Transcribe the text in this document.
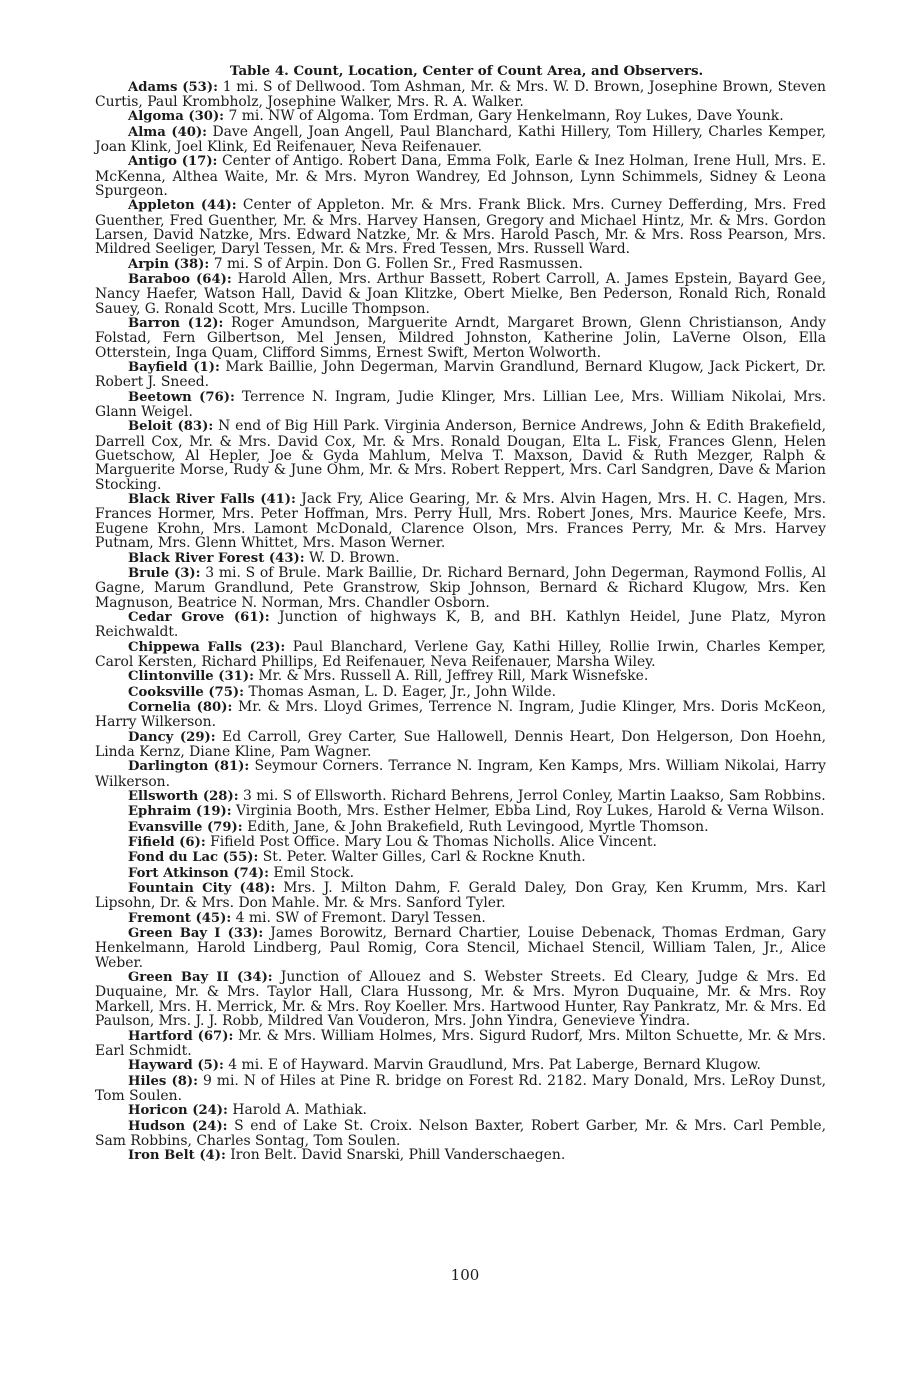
Table 4. Count, Location, Center of Count Area, and Observers.

Adams (53): 1 mi. S of Dellwood. Tom Ashman, Mr. & Mrs. W. D. Brown, Josephine Brown, Steven Curtis, Paul Krombholz, Josephine Walker, Mrs. R. A. Walker.

Algoma (30): 7 mi. NW of Algoma. Tom Erdman, Gary Henkelmann, Roy Lukes, Dave Younk.

Alma (40): Dave Angell, Joan Angell, Paul Blanchard, Kathi Hillery, Tom Hillery, Charles Kemper, Joan Klink, Joel Klink, Ed Reifenauer, Neva Reifenauer.

Antigo (17): Center of Antigo. Robert Dana, Emma Folk, Earle & Inez Holman, Irene Hull, Mrs. E. McKenna, Althea Waite, Mr. & Mrs. Myron Wandrey, Ed Johnson, Lynn Schimmels, Sidney & Leona Spurgeon.

Appleton (44): Center of Appleton. Mr. & Mrs. Frank Blick. Mrs. Curney Defferding, Mrs. Fred Guenther, Fred Guenther, Mr. & Mrs. Harvey Hansen, Gregory and Michael Hintz, Mr. & Mrs. Gordon Larsen, David Natzke, Mrs. Edward Natzke, Mr. & Mrs. Harold Pasch, Mr. & Mrs. Ross Pearson, Mrs. Mildred Seeliger, Daryl Tessen, Mr. & Mrs. Fred Tessen, Mrs. Russell Ward.

Arpin (38): 7 mi. S of Arpin. Don G. Follen Sr., Fred Rasmussen.

Baraboo (64): Harold Allen, Mrs. Arthur Bassett, Robert Carroll, A. James Epstein, Bayard Gee, Nancy Haefer, Watson Hall, David & Joan Klitzke, Obert Mielke, Ben Pederson, Ronald Rich, Ronald Sauey, G. Ronald Scott, Mrs. Lucille Thompson.

Barron (12): Roger Amundson, Marguerite Arndt, Margaret Brown, Glenn Christianson, Andy Folstad, Fern Gilbertson, Mel Jensen, Mildred Johnston, Katherine Jolin, LaVerne Olson, Ella Otterstein, Inga Quam, Clifford Simms, Ernest Swift, Merton Wolworth.

Bayfield (1): Mark Baillie, John Degerman, Marvin Grandlund, Bernard Klugow, Jack Pickert, Dr. Robert J. Sneed.

Beetown (76): Terrence N. Ingram, Judie Klinger, Mrs. Lillian Lee, Mrs. William Nikolai, Mrs. Glann Weigel.

Beloit (83): N end of Big Hill Park. Virginia Anderson, Bernice Andrews, John & Edith Brakefield, Darrell Cox, Mr. & Mrs. David Cox, Mr. & Mrs. Ronald Dougan, Elta L. Fisk, Frances Glenn, Helen Guetschow, Al Hepler, Joe & Gyda Mahlum, Melva T. Maxson, David & Ruth Mezger, Ralph & Marguerite Morse, Rudy & June Ohm, Mr. & Mrs. Robert Reppert, Mrs. Carl Sandgren, Dave & Marion Stocking.

Black River Falls (41): Jack Fry, Alice Gearing, Mr. & Mrs. Alvin Hagen, Mrs. H. C. Hagen, Mrs. Frances Hormer, Mrs. Peter Hoffman, Mrs. Perry Hull, Mrs. Robert Jones, Mrs. Maurice Keefe, Mrs. Eugene Krohn, Mrs. Lamont McDonald, Clarence Olson, Mrs. Frances Perry, Mr. & Mrs. Harvey Putnam, Mrs. Glenn Whittet, Mrs. Mason Werner.

Black River Forest (43): W. D. Brown.

Brule (3): 3 mi. S of Brule. Mark Baillie, Dr. Richard Bernard, John Degerman, Raymond Follis, Al Gagne, Marum Grandlund, Pete Granstrow, Skip Johnson, Bernard & Richard Klugow, Mrs. Ken Magnuson, Beatrice N. Norman, Mrs. Chandler Osborn.

Cedar Grove (61): Junction of highways K, B, and BH. Kathlyn Heidel, June Platz, Myron Reichwaldt.

Chippewa Falls (23): Paul Blanchard, Verlene Gay, Kathi Hilley, Rollie Irwin, Charles Kemper, Carol Kersten, Richard Phillips, Ed Reifenauer, Neva Reifenauer, Marsha Wiley.

Clintonville (31): Mr. & Mrs. Russell A. Rill, Jeffrey Rill, Mark Wisnefske.

Cooksville (75): Thomas Asman, L. D. Eager, Jr., John Wilde.

Cornelia (80): Mr. & Mrs. Lloyd Grimes, Terrence N. Ingram, Judie Klinger, Mrs. Doris McKeon, Harry Wilkerson.

Dancy (29): Ed Carroll, Grey Carter, Sue Hallowell, Dennis Heart, Don Helgerson, Don Hoehn, Linda Kernz, Diane Kline, Pam Wagner.

Darlington (81): Seymour Corners. Terrance N. Ingram, Ken Kamps, Mrs. William Nikolai, Harry Wilkerson.

Ellsworth (28): 3 mi. S of Ellsworth. Richard Behrens, Jerrol Conley, Martin Laakso, Sam Robbins.

Ephraim (19): Virginia Booth, Mrs. Esther Helmer, Ebba Lind, Roy Lukes, Harold & Verna Wilson.

Evansville (79): Edith, Jane, & John Brakefield, Ruth Levingood, Myrtle Thomson.

Fifield (6): Fifield Post Office. Mary Lou & Thomas Nicholls. Alice Vincent.

Fond du Lac (55): St. Peter. Walter Gilles, Carl & Rockne Knuth.

Fort Atkinson (74): Emil Stock.

Fountain City (48): Mrs. J. Milton Dahm, F. Gerald Daley, Don Gray, Ken Krumm, Mrs. Karl Lipsohn, Dr. & Mrs. Don Mahle. Mr. & Mrs. Sanford Tyler.

Fremont (45): 4 mi. SW of Fremont. Daryl Tessen.

Green Bay I (33): James Borowitz, Bernard Chartier, Louise Debenack, Thomas Erdman, Gary Henkelmann, Harold Lindberg, Paul Romig, Cora Stencil, Michael Stencil, William Talen, Jr., Alice Weber.

Green Bay II (34): Junction of Allouez and S. Webster Streets. Ed Cleary, Judge & Mrs. Ed Duquaine, Mr. & Mrs. Taylor Hall, Clara Hussong, Mr. & Mrs. Myron Duquaine, Mr. & Mrs. Roy Markell, Mrs. H. Merrick, Mr. & Mrs. Roy Koeller. Mrs. Hartwood Hunter, Ray Pankratz, Mr. & Mrs. Ed Paulson, Mrs. J. J. Robb, Mildred Van Vouderon, Mrs. John Yindra, Genevieve Yindra.

Hartford (67): Mr. & Mrs. William Holmes, Mrs. Sigurd Rudorf, Mrs. Milton Schuette, Mr. & Mrs. Earl Schmidt.

Hayward (5): 4 mi. E of Hayward. Marvin Graudlund, Mrs. Pat Laberge, Bernard Klugow.

Hiles (8): 9 mi. N of Hiles at Pine R. bridge on Forest Rd. 2182. Mary Donald, Mrs. LeRoy Dunst, Tom Soulen.

Horicon (24): Harold A. Mathiak.

Hudson (24): S end of Lake St. Croix. Nelson Baxter, Robert Garber, Mr. & Mrs. Carl Pemble, Sam Robbins, Charles Sontag, Tom Soulen.

Iron Belt (4): Iron Belt. David Snarski, Phill Vanderschaegen.

100
